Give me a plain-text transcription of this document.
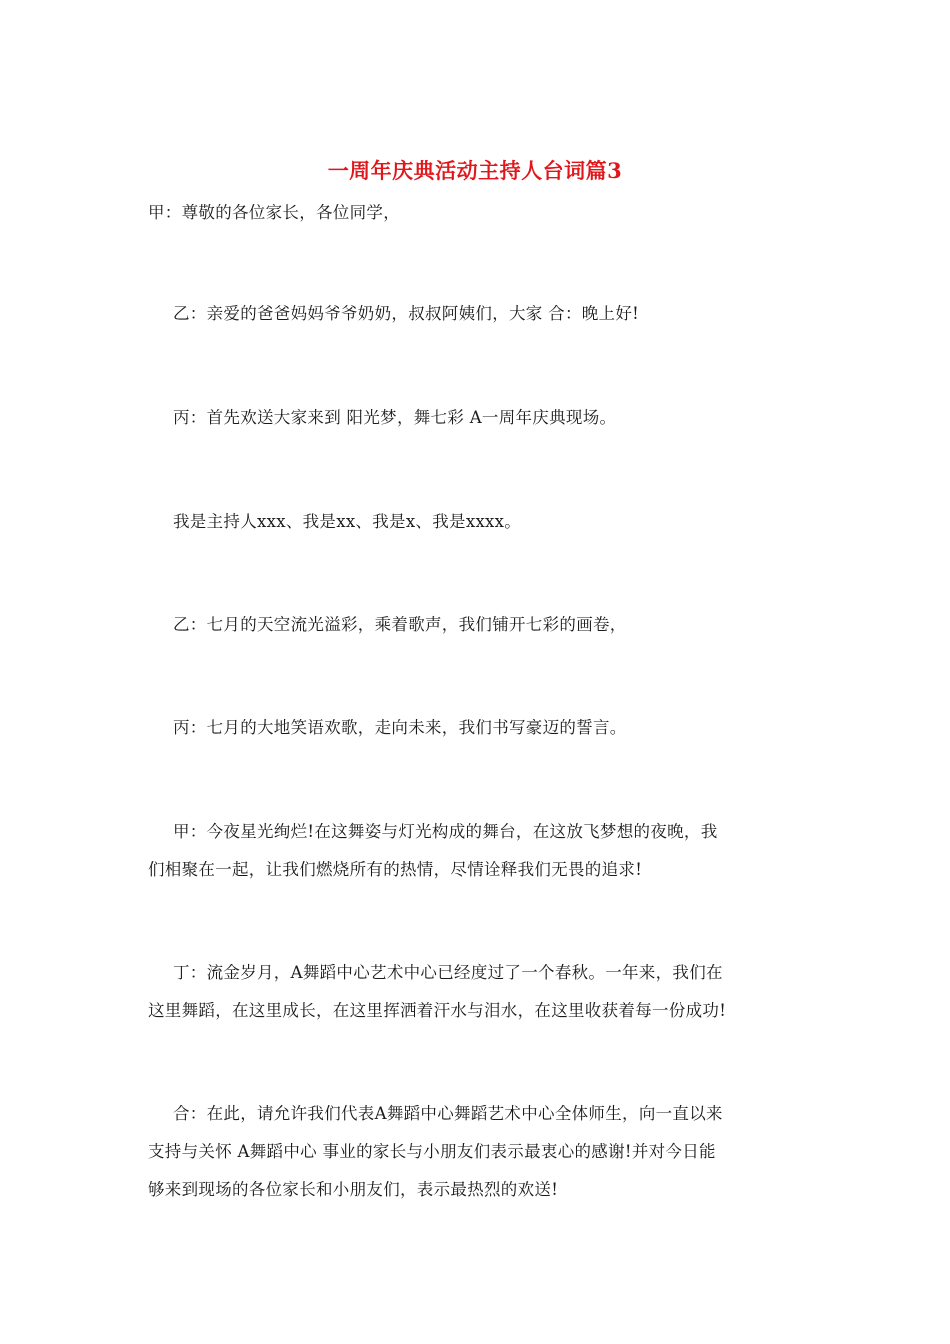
一周年庆典活动主持人台词篇3
甲：尊敬的各位家长，各位同学，
乙：亲爱的爸爸妈妈爷爷奶奶，叔叔阿姨们，大家 合：晚上好!
丙：首先欢送大家来到 阳光梦，舞七彩 A一周年庆典现场。
我是主持人xxx、我是xx、我是x、我是xxxx。
乙：七月的天空流光溢彩，乘着歌声，我们铺开七彩的画卷，
丙：七月的大地笑语欢歌，走向未来，我们书写豪迈的誓言。
甲：今夜星光绚烂!在这舞姿与灯光构成的舞台，在这放飞梦想的夜晚，我
们相聚在一起，让我们燃烧所有的热情，尽情诠释我们无畏的追求!
丁：流金岁月，A舞蹈中心艺术中心已经度过了一个春秋。一年来，我们在
这里舞蹈，在这里成长，在这里挥洒着汗水与泪水，在这里收获着每一份成功!
合：在此，请允许我们代表A舞蹈中心舞蹈艺术中心全体师生，向一直以来
支持与关怀 A舞蹈中心 事业的家长与小朋友们表示最衷心的感谢!并对今日能
够来到现场的各位家长和小朋友们，表示最热烈的欢送!
